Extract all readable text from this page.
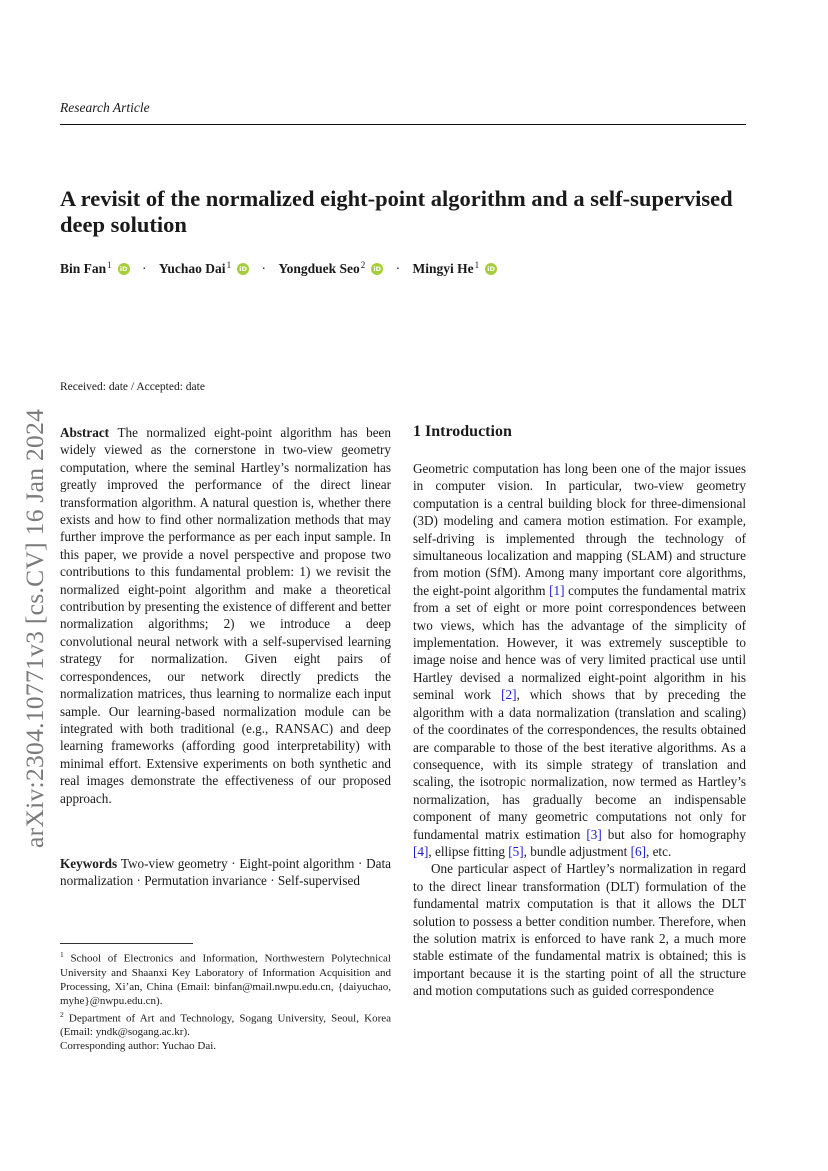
Research Article
A revisit of the normalized eight-point algorithm and a self-supervised deep solution
Bin Fan$^1$	iD · Yuchao Dai$^1$	iD · Yongduek Seo$^2$	iD · Mingyi He$^1$	iD
arXiv:2304.10771v3 [cs.CV] 16 Jan 2024
Received: date / Accepted: date
Abstract The normalized eight-point algorithm has been widely viewed as the cornerstone in two-view geometry computation, where the seminal Hartley’s normalization has greatly improved the performance of the direct linear transformation algorithm. A natural question is, whether there exists and how to find other normalization methods that may further improve the performance as per each input sample. In this paper, we provide a novel perspective and propose two contributions to this fundamental problem: 1) we revisit the normalized eight-point algorithm and make a theoretical contribution by presenting the existence of different and better normalization algorithms; 2) we introduce a deep convolutional neural network with a self-supervised learning strategy for normalization. Given eight pairs of correspondences, our network directly predicts the normalization matrices, thus learning to normalize each input sample. Our learning-based normalization module can be integrated with both traditional (e.g., RANSAC) and deep learning frameworks (affording good interpretability) with minimal effort. Extensive experiments on both synthetic and real images demonstrate the effectiveness of our proposed approach.
Keywords Two-view geometry · Eight-point algorithm · Data normalization · Permutation invariance · Self-supervised
$^1$ School of Electronics and Information, Northwestern Polytechnical University and Shaanxi Key Laboratory of Information Acquisition and Processing, Xi’an, China (Email: binfan@mail.nwpu.edu.cn, {daiyuchao, myhe}@nwpu.edu.cn).
$^2$ Department of Art and Technology, Sogang University, Seoul, Korea (Email: yndk@sogang.ac.kr).
Corresponding author: Yuchao Dai.
1 Introduction

Geometric computation has long been one of the major issues in computer vision. In particular, two-view geometry computation is a central building block for three-dimensional (3D) modeling and camera motion estimation. For example, self-driving is implemented through the technology of simultaneous localization and mapping (SLAM) and structure from motion (SfM). Among many important core algorithms, the eight-point algorithm [1] computes the fundamental matrix from a set of eight or more point correspondences between two views, which has the advantage of the simplicity of implementation. However, it was extremely susceptible to image noise and hence was of very limited practical use until Hartley devised a normalized eight-point algorithm in his seminal work [2], which shows that by preceding the algorithm with a data normalization (translation and scaling) of the coordinates of the correspondences, the results obtained are comparable to those of the best iterative algorithms. As a consequence, with its simple strategy of translation and scaling, the isotropic normalization, now termed as Hartley’s normalization, has gradually become an indispensable component of many geometric computations not only for fundamental matrix estimation [3] but also for homography [4], ellipse fitting [5], bundle adjustment [6], etc.

One particular aspect of Hartley’s normalization in regard to the direct linear transformation (DLT) formulation of the fundamental matrix computation is that it allows the DLT solution to possess a better condition number. Therefore, when the solution matrix is enforced to have rank 2, a much more stable estimate of the fundamental matrix is obtained; this is important because it is the starting point of all the structure and motion computations such as guided correspondence
